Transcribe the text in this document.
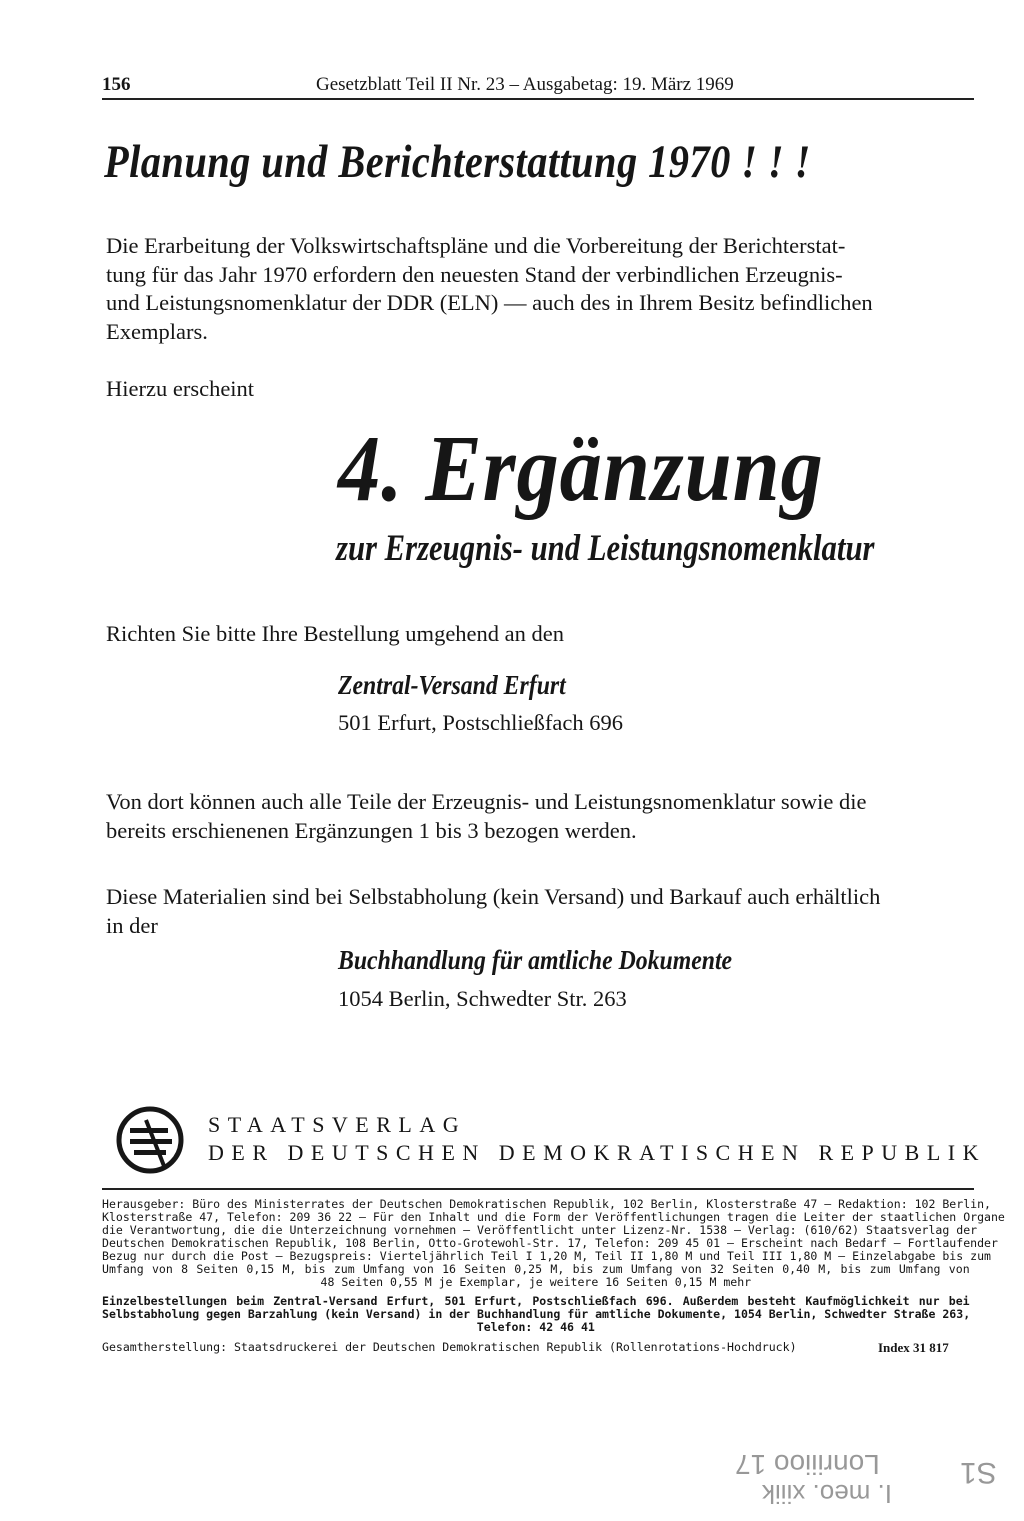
156	Gesetzblatt Teil II Nr. 23 – Ausgabetag: 19. März 1969
Planung und Berichterstattung 1970 ! ! !
Die Erarbeitung der Volkswirtschaftspläne und die Vorbereitung der Berichterstat-
tung für das Jahr 1970 erfordern den neuesten Stand der verbindlichen Erzeugnis-
und Leistungsnomenklatur der DDR (ELN) — auch des in Ihrem Besitz befindlichen
Exemplars.
Hierzu erscheint
4. Ergänzung
zur Erzeugnis- und Leistungsnomenklatur
Richten Sie bitte Ihre Bestellung umgehend an den
Zentral-Versand Erfurt
501 Erfurt, Postschließfach 696
Von dort können auch alle Teile der Erzeugnis- und Leistungsnomenklatur sowie die
bereits erschienenen Ergänzungen 1 bis 3 bezogen werden.
Diese Materialien sind bei Selbstabholung (kein Versand) und Barkauf auch erhältlich
in der
Buchhandlung für amtliche Dokumente
1054 Berlin, Schwedter Str. 263
STAATSVERLAG
DER DEUTSCHEN DEMOKRATISCHEN REPUBLIK
Herausgeber: Büro des Ministerrates der Deutschen Demokratischen Republik, 102 Berlin, Klosterstraße 47 – Redaktion: 102 Berlin,
Klosterstraße 47, Telefon: 209 36 22 – Für den Inhalt und die Form der Veröffentlichungen tragen die Leiter der staatlichen Organe
die Verantwortung, die die Unterzeichnung vornehmen – Veröffentlicht unter Lizenz-Nr. 1538 – Verlag: (610/62) Staatsverlag der
Deutschen Demokratischen Republik, 108 Berlin, Otto-Grotewohl-Str. 17, Telefon: 209 45 01 – Erscheint nach Bedarf – Fortlaufender
Bezug nur durch die Post – Bezugspreis: Vierteljährlich Teil I 1,20 M, Teil II 1,80 M und Teil III 1,80 M – Einzelabgabe bis zum
Umfang von 8 Seiten 0,15 M, bis zum Umfang von 16 Seiten 0,25 M, bis zum Umfang von 32 Seiten 0,40 M, bis zum Umfang von
48 Seiten 0,55 M je Exemplar, je weitere 16 Seiten 0,15 M mehr
Einzelbestellungen beim Zentral-Versand Erfurt, 501 Erfurt, Postschließfach 696. Außerdem besteht Kaufmöglichkeit nur bei
Selbstabholung gegen Barzahlung (kein Versand) in der Buchhandlung für amtliche Dokumente, 1054 Berlin, Schwedter Straße 263,
Telefon: 42 46 41
Gesamtherstellung: Staatsdruckerei der Deutschen Demokratischen Republik (Rollenrotations-Hochdruck)	Index 31 817
I. meo. xiiik
Lonriiioo 17	S1
